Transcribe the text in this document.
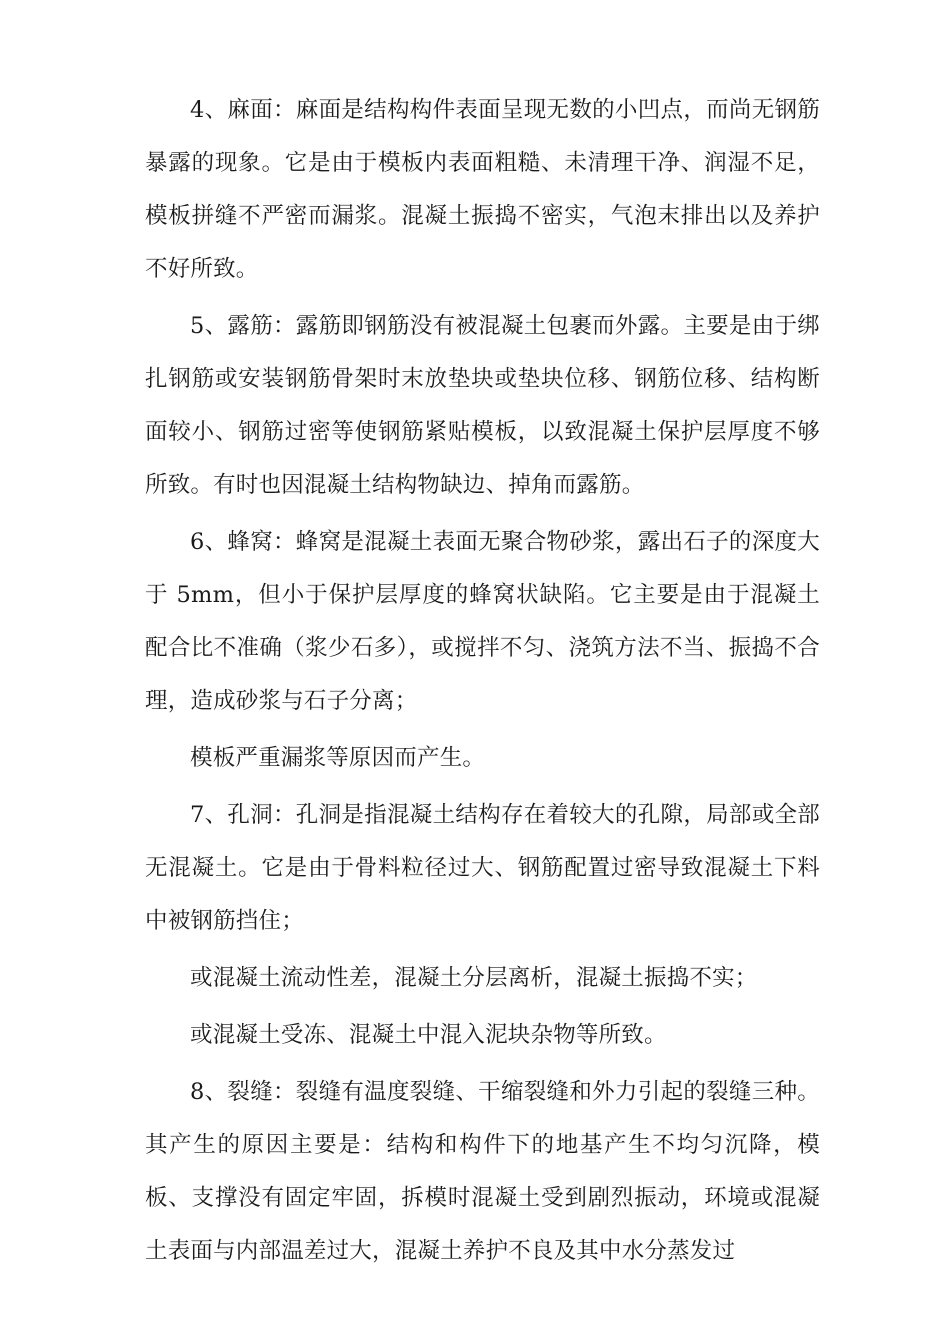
4、麻面：麻面是结构构件表面呈现无数的小凹点，而尚无钢筋暴露的现象。它是由于模板内表面粗糙、未清理干净、润湿不足，模板拼缝不严密而漏浆。混凝土振捣不密实，气泡末排出以及养护不好所致。

5、露筋：露筋即钢筋没有被混凝土包裹而外露。主要是由于绑扎钢筋或安装钢筋骨架时末放垫块或垫块位移、钢筋位移、结构断面较小、钢筋过密等使钢筋紧贴模板，以致混凝土保护层厚度不够所致。有时也因混凝土结构物缺边、掉角而露筋。

6、蜂窝：蜂窝是混凝土表面无聚合物砂浆，露出石子的深度大于 5mm，但小于保护层厚度的蜂窝状缺陷。它主要是由于混凝土配合比不准确（浆少石多），或搅拌不匀、浇筑方法不当、振捣不合理，造成砂浆与石子分离；

模板严重漏浆等原因而产生。

7、孔洞：孔洞是指混凝土结构存在着较大的孔隙，局部或全部无混凝土。它是由于骨料粒径过大、钢筋配置过密导致混凝土下料中被钢筋挡住；

或混凝土流动性差，混凝土分层离析，混凝土振捣不实；

或混凝土受冻、混凝土中混入泥块杂物等所致。

8、裂缝：裂缝有温度裂缝、干缩裂缝和外力引起的裂缝三种。其产生的原因主要是：结构和构件下的地基产生不均匀沉降，模板、支撑没有固定牢固，拆模时混凝土受到剧烈振动，环境或混凝土表面与内部温差过大，混凝土养护不良及其中水分蒸发过
